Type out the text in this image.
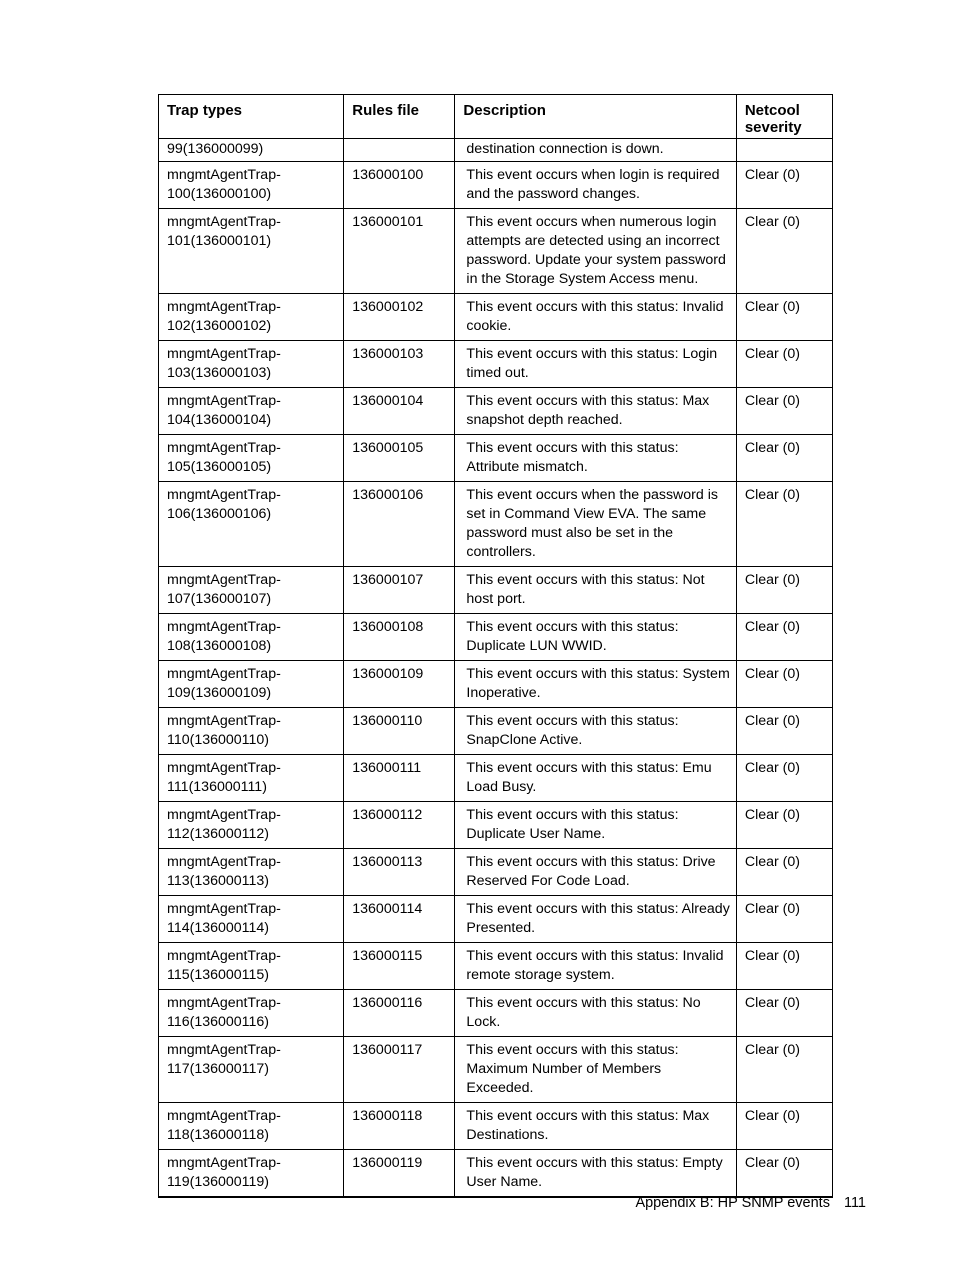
Trap types	Rules file	Description	Netcool severity
99(136000099)		destination connection is down.	
mngmtAgentTrap-
100(136000100)	136000100	This event occurs when login is required and the password changes.	Clear (0)
mngmtAgentTrap-
101(136000101)	136000101	This event occurs when numerous login attempts are detected using an incorrect password. Update your system password in the Storage System Access menu.	Clear (0)
mngmtAgentTrap-
102(136000102)	136000102	This event occurs with this status: Invalid cookie.	Clear (0)
mngmtAgentTrap-
103(136000103)	136000103	This event occurs with this status: Login timed out.	Clear (0)
mngmtAgentTrap-
104(136000104)	136000104	This event occurs with this status: Max snapshot depth reached.	Clear (0)
mngmtAgentTrap-
105(136000105)	136000105	This event occurs with this status: Attribute mismatch.	Clear (0)
mngmtAgentTrap-
106(136000106)	136000106	This event occurs when the password is set in Command View EVA. The same password must also be set in the controllers.	Clear (0)
mngmtAgentTrap-
107(136000107)	136000107	This event occurs with this status: Not host port.	Clear (0)
mngmtAgentTrap-
108(136000108)	136000108	This event occurs with this status: Duplicate LUN WWID.	Clear (0)
mngmtAgentTrap-
109(136000109)	136000109	This event occurs with this status: System Inoperative.	Clear (0)
mngmtAgentTrap-
110(136000110)	136000110	This event occurs with this status: SnapClone Active.	Clear (0)
mngmtAgentTrap-
111(136000111)	136000111	This event occurs with this status: Emu Load Busy.	Clear (0)
mngmtAgentTrap-
112(136000112)	136000112	This event occurs with this status: Duplicate User Name.	Clear (0)
mngmtAgentTrap-
113(136000113)	136000113	This event occurs with this status: Drive Reserved For Code Load.	Clear (0)
mngmtAgentTrap-
114(136000114)	136000114	This event occurs with this status: Already Presented.	Clear (0)
mngmtAgentTrap-
115(136000115)	136000115	This event occurs with this status: Invalid remote storage system.	Clear (0)
mngmtAgentTrap-
116(136000116)	136000116	This event occurs with this status: No Lock.	Clear (0)
mngmtAgentTrap-
117(136000117)	136000117	This event occurs with this status: Maximum Number of Members Exceeded.	Clear (0)
mngmtAgentTrap-
118(136000118)	136000118	This event occurs with this status: Max Destinations.	Clear (0)
mngmtAgentTrap-
119(136000119)	136000119	This event occurs with this status: Empty User Name.	Clear (0)
Appendix B: HP SNMP events 111
